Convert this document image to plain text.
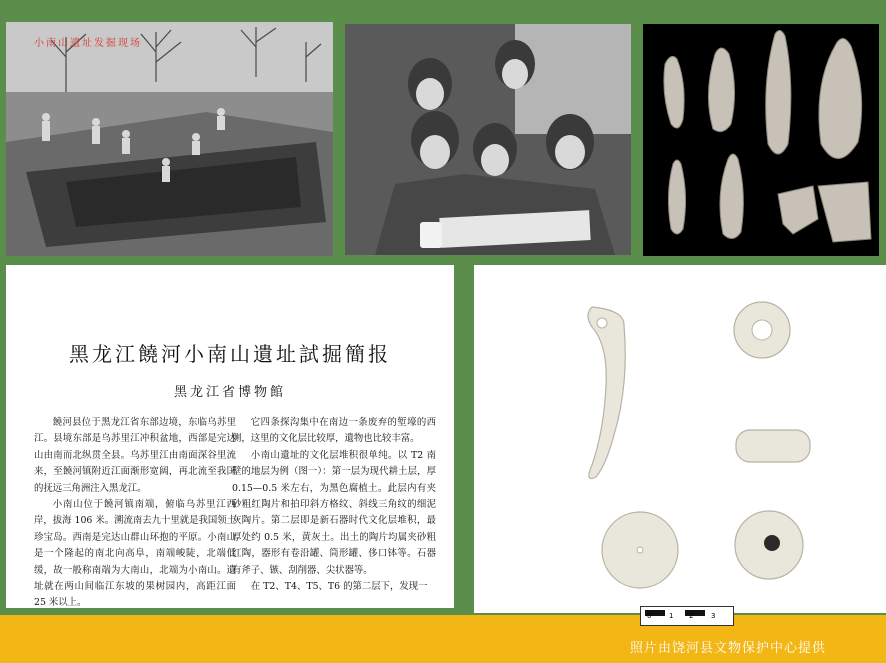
小南山遗址发掘现场
黑龙江饒河小南山遺址試掘簡报
黑龙江省博物館

饒河县位于黑龙江省东部边境，东临乌苏里江。县境东部是乌苏里江冲积盆地，西部是完达山由南而北纵贯全县。乌苏里江由南面深谷里流来，至饒河镇附近江面渐形宽阔，再北流至我国的抚远三角洲注入黑龙江。

小南山位于饒河镇南端，俯临乌苏里江西岸，拔海 106 米。溯流南去九十里就是我国领土珍宝岛。西南是完达山群山环抱的平原。小南山是一个隆起的南北向高阜，南端峻陡，北端低缓，故一般称南端为大南山，北端为小南山。遺址就在两山间临江东坡的果树园内，高距江面 25 米以上。

它四条探沟集中在南边一条废弃的堑壕的西侧，这里的文化层比较厚，遺物也比较丰富。

小南山遺址的文化层堆积很单纯。以 T2 南壁的地层为例（图一）：第一层为现代耕土层，厚 0.15—0.5 米左右，为黑色腐植土。此层内有夹砂粗红陶片和拍印斜方格纹、斜线三角纹的细泥灰陶片。第二层即是新石器时代文化层堆积，最厚处约 0.5 米，黄灰土。出土的陶片均属夹砂粗红陶，器形有卷沿罐、筒形罐、侈口钵等。石器有斧子、镞、刮削器、尖状器等。

在 T2、T4、T5、T6 的第二层下，发现一

照片由饶河县文物保护中心提供
0	1 2	3
